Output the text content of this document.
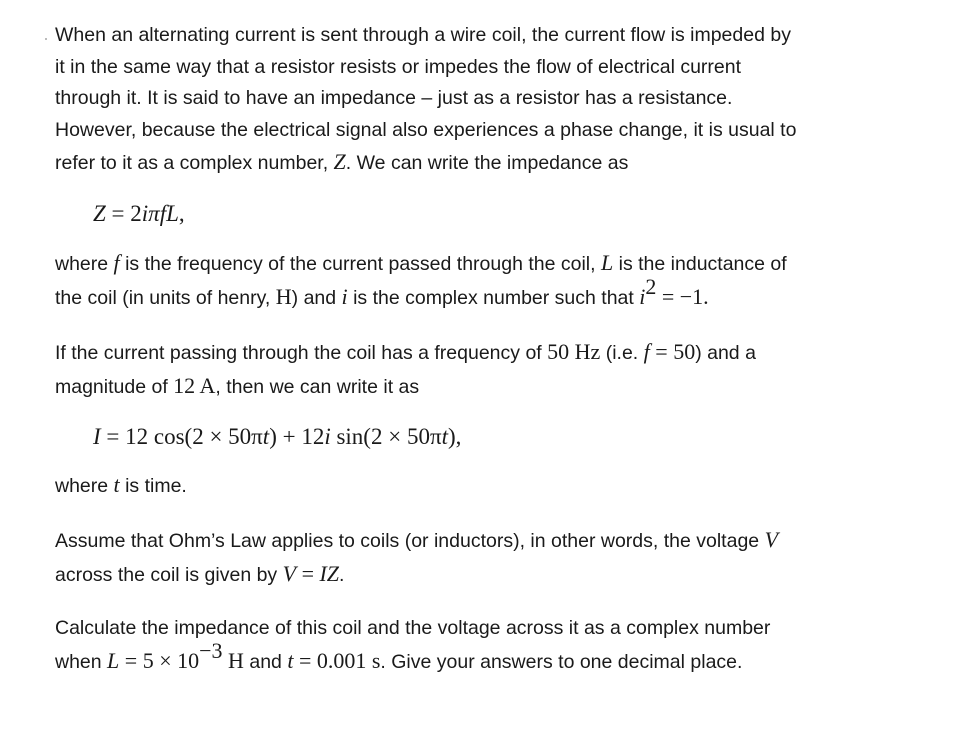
When an alternating current is sent through a wire coil, the current flow is impeded by
it in the same way that a resistor resists or impedes the flow of electrical current
through it. It is said to have an impedance – just as a resistor has a resistance.
However, because the electrical signal also experiences a phase change, it is usual to
refer to it as a complex number, Z. We can write the impedance as

Z = 2iπfL,

where f is the frequency of the current passed through the coil, L is the inductance of
the coil (in units of henry, H) and i is the complex number such that $i^2 = -1$.

If the current passing through the coil has a frequency of 50 Hz (i.e. f = 50) and a
magnitude of 12 A, then we can write it as

I = 12 cos(2 × 50πt) + 12i sin(2 × 50πt),

where t is time.

Assume that Ohm’s Law applies to coils (or inductors), in other words, the voltage V
across the coil is given by V = IZ.

Calculate the impedance of this coil and the voltage across it as a complex number
when $L = 5 \times 10^{-3}$ H and t = 0.001 s. Give your answers to one decimal place.
